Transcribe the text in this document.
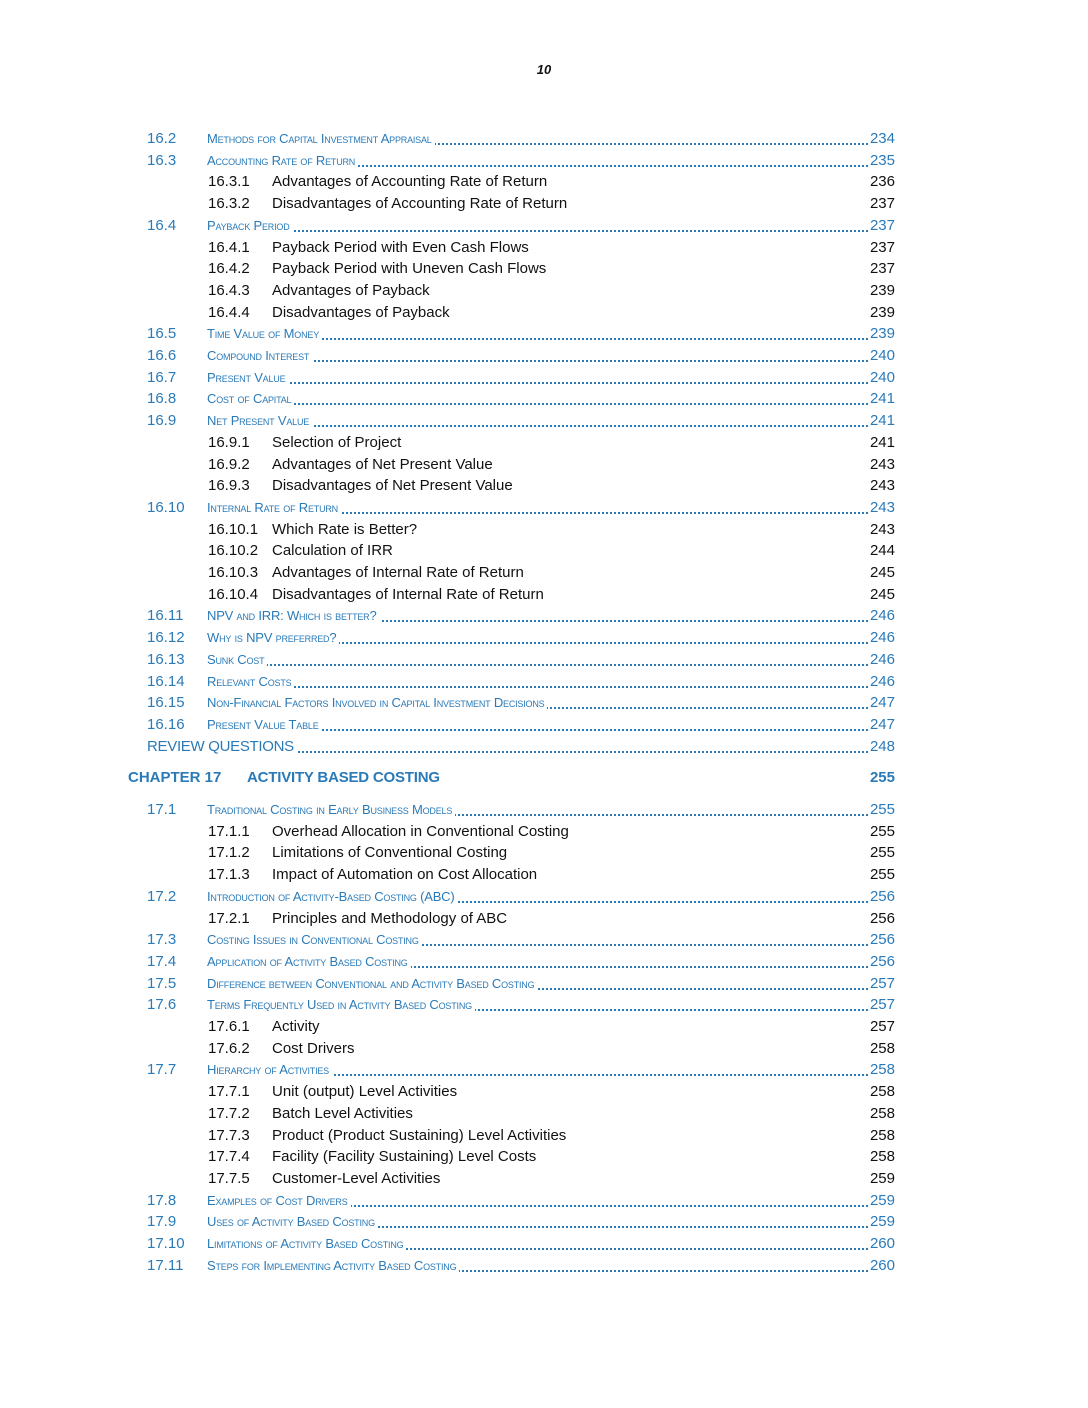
10
16.2 Methods for Capital Investment Appraisal	234
16.3 Accounting Rate of Return	235
16.3.1 Advantages of Accounting Rate of Return	236
16.3.2 Disadvantages of Accounting Rate of Return	237
16.4 Payback Period	237
16.4.1 Payback Period with Even Cash Flows	237
16.4.2 Payback Period with Uneven Cash Flows	237
16.4.3 Advantages of Payback	239
16.4.4 Disadvantages of Payback	239
16.5 Time Value of Money	239
16.6 Compound Interest	240
16.7 Present Value	240
16.8 Cost of Capital	241
16.9 Net Present Value	241
16.9.1 Selection of Project	241
16.9.2 Advantages of Net Present Value	243
16.9.3 Disadvantages of Net Present Value	243
16.10 Internal Rate of Return	243
16.10.1 Which Rate is Better?	243
16.10.2 Calculation of IRR	244
16.10.3 Advantages of Internal Rate of Return	245
16.10.4 Disadvantages of Internal Rate of Return	245
16.11 NPV and IRR: Which is better?	246
16.12 Why is NPV preferred?	246
16.13 Sunk Cost	246
16.14 Relevant Costs	246
16.15 Non-Financial Factors Involved in Capital Investment Decisions	247
16.16 Present Value Table	247
REVIEW QUESTIONS	248
CHAPTER 17 ACTIVITY BASED COSTING	255
17.1 Traditional Costing in Early Business Models	255
17.1.1 Overhead Allocation in Conventional Costing	255
17.1.2 Limitations of Conventional Costing	255
17.1.3 Impact of Automation on Cost Allocation	255
17.2 Introduction of Activity-Based Costing (ABC)	256
17.2.1 Principles and Methodology of ABC	256
17.3 Costing Issues in Conventional Costing	256
17.4 Application of Activity Based Costing	256
17.5 Difference between Conventional and Activity Based Costing	257
17.6 Terms Frequently Used in Activity Based Costing	257
17.6.1 Activity	257
17.6.2 Cost Drivers	258
17.7 Hierarchy of Activities	258
17.7.1 Unit (output) Level Activities	258
17.7.2 Batch Level Activities	258
17.7.3 Product (Product Sustaining) Level Activities	258
17.7.4 Facility (Facility Sustaining) Level Costs	258
17.7.5 Customer-Level Activities	259
17.8 Examples of Cost Drivers	259
17.9 Uses of Activity Based Costing	259
17.10 Limitations of Activity Based Costing	260
17.11 Steps for Implementing Activity Based Costing	260
